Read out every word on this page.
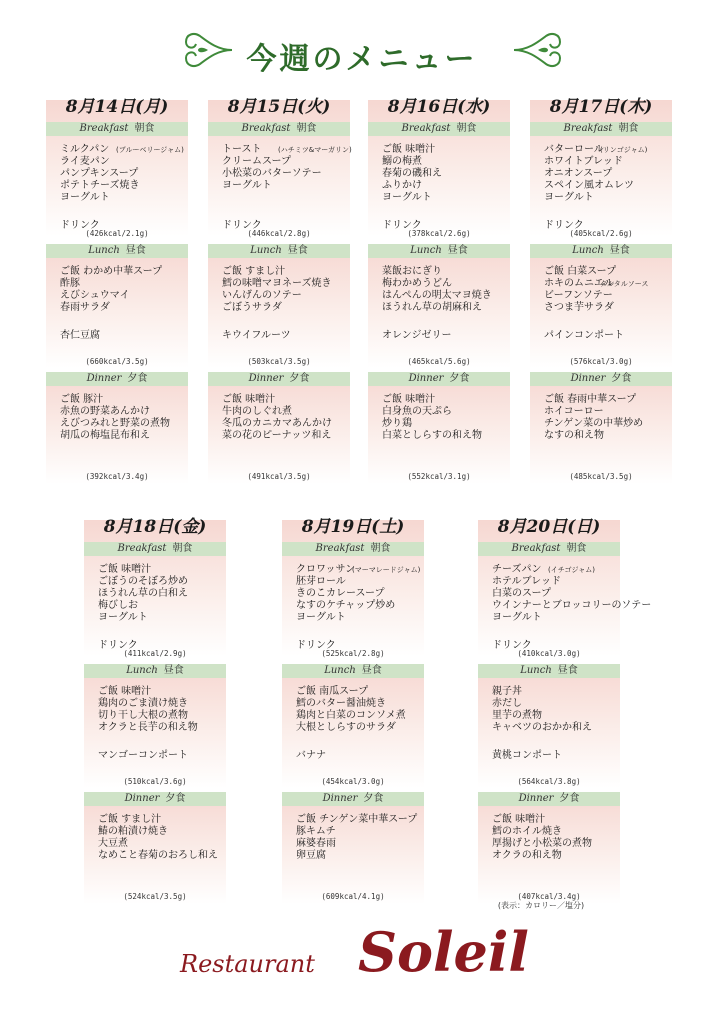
今週のメニュー
Breakfast 朝食
ミルクパン
ライ麦パン
パンプキンスープ
ポテトチーズ焼き
ヨーグルト
(ブルーベリージャム)
ドリンク
(426kcal/2.1g)
Lunch 昼食
ご飯 わかめ中華スープ
酢豚
えびシュウマイ
春雨サラダ
杏仁豆腐
(660kcal/3.5g)
Dinner 夕食
ご飯 豚汁
赤魚の野菜あんかけ
えびつみれと野菜の煮物
胡瓜の梅塩昆布和え
(392kcal/3.4g)
8月14日(月)
Breakfast 朝食
トースト
クリームスープ
小松菜のバターソテー
ヨーグルト
(ハチミツ&マーガリン)
ドリンク
(446kcal/2.8g)
Lunch 昼食
ご飯 すまし汁
鱈の味噌マヨネーズ焼き
いんげんのソテー
ごぼうサラダ
キウイフルーツ
(503kcal/3.5g)
Dinner 夕食
ご飯 味噌汁
牛肉のしぐれ煮
冬瓜のカニカマあんかけ
菜の花のピーナッツ和え
(491kcal/3.5g)
8月15日(火)
Breakfast 朝食
ご飯 味噌汁
鰯の梅煮
春菊の磯和え
ふりかけ
ヨーグルト
ドリンク
(378kcal/2.6g)
Lunch 昼食
菜飯おにぎり
梅わかめうどん
はんぺんの明太マヨ焼き
ほうれん草の胡麻和え
オレンジゼリー
(465kcal/5.6g)
Dinner 夕食
ご飯 味噌汁
白身魚の天ぷら
炒り鶏
白菜としらすの和え物
(552kcal/3.1g)
8月16日(水)
Breakfast 朝食
バターロール
ホワイトブレッド
オニオンスープ
スペイン風オムレツ
ヨーグルト
(リンゴジャム)
ドリンク
(405kcal/2.6g)
Lunch 昼食
ご飯 白菜スープ
ホキのムニエル
ビーフンソテー
さつま芋サラダ
タルタルソース
パインコンポート
(576kcal/3.0g)
Dinner 夕食
ご飯 春雨中華スープ
ホイコーロー
チンゲン菜の中華炒め
なすの和え物
(485kcal/3.5g)
8月17日(木)
Breakfast 朝食
ご飯 味噌汁
ごぼうのそぼろ炒め
ほうれん草の白和え
梅びしお
ヨーグルト
ドリンク
(411kcal/2.9g)
Lunch 昼食
ご飯 味噌汁
鶏肉のごま漬け焼き
切り干し大根の煮物
オクラと長芋の和え物
マンゴーコンポート
(510kcal/3.6g)
Dinner 夕食
ご飯 すまし汁
鰆の粕漬け焼き
大豆煮
なめこと春菊のおろし和え
(524kcal/3.5g)
8月18日(金)
Breakfast 朝食
クロワッサン
胚芽ロール
きのこカレースープ
なすのケチャップ炒め
ヨーグルト
(マーマレードジャム)
ドリンク
(525kcal/2.8g)
Lunch 昼食
ご飯 南瓜スープ
鱈のバター醤油焼き
鶏肉と白菜のコンソメ煮
大根としらすのサラダ
バナナ
(454kcal/3.0g)
Dinner 夕食
ご飯 チンゲン菜中華スープ
豚キムチ
麻婆春雨
卵豆腐
(609kcal/4.1g)
8月19日(土)
Breakfast 朝食
チーズパン
ホテルブレッド
白菜のスープ
ウインナーとブロッコリーのソテー
ヨーグルト
(イチゴジャム)
ドリンク
(410kcal/3.0g)
Lunch 昼食
親子丼
赤だし
里芋の煮物
キャベツのおかか和え
黄桃コンポート
(564kcal/3.8g)
Dinner 夕食
ご飯 味噌汁
鱈のホイル焼き
厚揚げと小松菜の煮物
オクラの和え物
(407kcal/3.4g)
8月20日(日)
(表示：カロリー／塩分)
Restaurant Soleil
